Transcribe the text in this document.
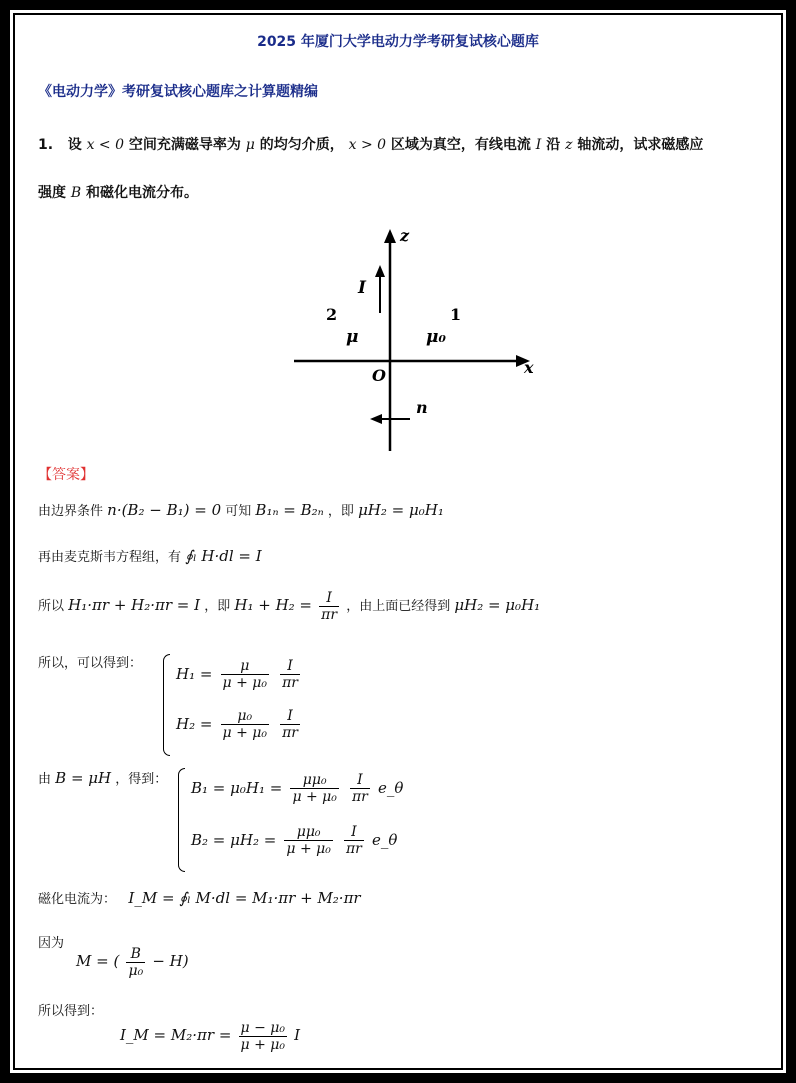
2025 年厦门大学电动力学考研复试核心题库
《电动力学》考研复试核心题库之计算题精编
1. 设 x < 0 空间充满磁导率为 μ 的均匀介质， x > 0 区域为真空，有线电流 I 沿 z 轴流动，试求磁感应
强度 B 和磁化电流分布。
z
x
O
I
2	1
μ	μ₀
n
【答案】
由边界条件 n·(B₂ − B₁) = 0 可知 B₁ₙ = B₂ₙ ，即 μH₂ = μ₀H₁
再由麦克斯韦方程组，有 ∮ₗ H·dl = I
所以 H₁·πr + H₂·πr = I ，即 $H_1 + H_2 = \frac{I}{\pi r}$ ，由上面已经得到 μH₂ = μ₀H₁
所以，可以得到：
$H_1 = \frac{\mu}{\text{μ + μ₀}}$
$\frac{I}{\pi r}$
$H_2 = \frac{\text{μ₀}}{\text{μ + μ₀}}$
$\frac{I}{\pi r}$
由 B = μH ，得到： $B_1 = \mu_0H_1 = \frac{\text{μμ₀}}{\text{μ + μ₀}}$
$\frac{I}{\pi r}$ e_θ
$B_2 = \mu H_2 = \frac{\text{μμ₀}}{\text{μ + μ₀}}$
$\frac{I}{\pi r}$ e_θ
磁化电流为： I_M = ∮ₗ M·dl = M₁·πr + M₂·πr
因为
M = ( $\frac{B}{\text{μ₀}} - H$)
所以得到：
I_M = $M_2\cdot\pi r = \frac{\text{μ − μ₀}}{\text{μ + μ₀}}$ I
